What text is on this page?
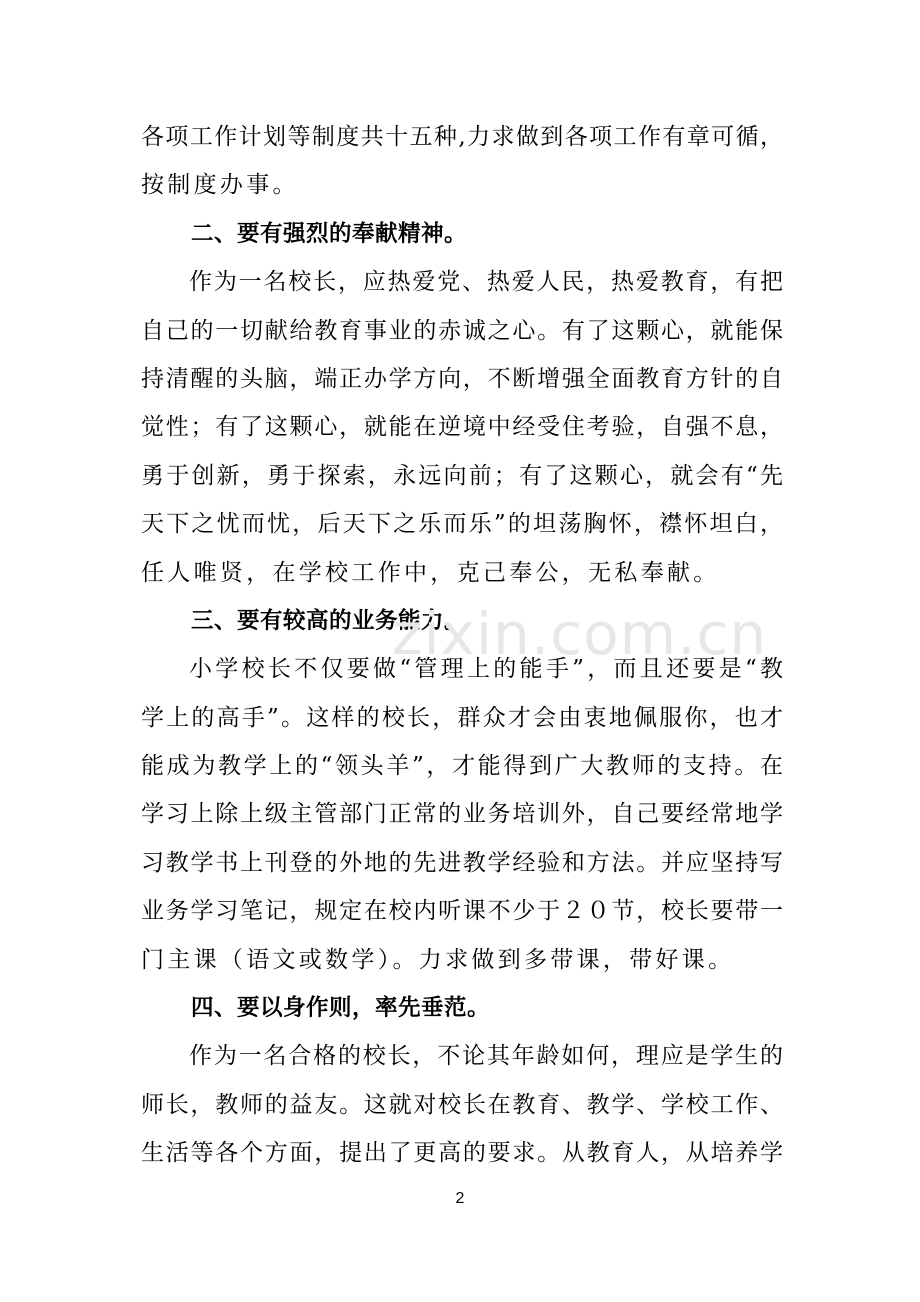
各项工作计划等制度共十五种,力求做到各项工作有章可循，
按制度办事。
二、要有强烈的奉献精神。
作为一名校长，应热爱党、热爱人民，热爱教育，有把
自己的一切献给教育事业的赤诚之心。有了这颗心，就能保
持清醒的头脑，端正办学方向，不断增强全面教育方针的自
觉性；有了这颗心，就能在逆境中经受住考验，自强不息，
勇于创新，勇于探索，永远向前；有了这颗心，就会有“先
天下之忧而忧，后天下之乐而乐”的坦荡胸怀，襟怀坦白，
任人唯贤，在学校工作中，克己奉公，无私奉献。
三、要有较高的业务能力。
小学校长不仅要做“管理上的能手”，而且还要是“教
学上的高手”。这样的校长，群众才会由衷地佩服你，也才
能成为教学上的“领头羊”，才能得到广大教师的支持。在
学习上除上级主管部门正常的业务培训外，自己要经常地学
习教学书上刊登的外地的先进教学经验和方法。并应坚持写
业务学习笔记，规定在校内听课不少于２０节，校长要带一
门主课（语文或数学）。力求做到多带课，带好课。
四、要以身作则，率先垂范。
作为一名合格的校长，不论其年龄如何，理应是学生的
师长，教师的益友。这就对校长在教育、教学、学校工作、
生活等各个方面，提出了更高的要求。从教育人，从培养学
zixin.com.cn
2
